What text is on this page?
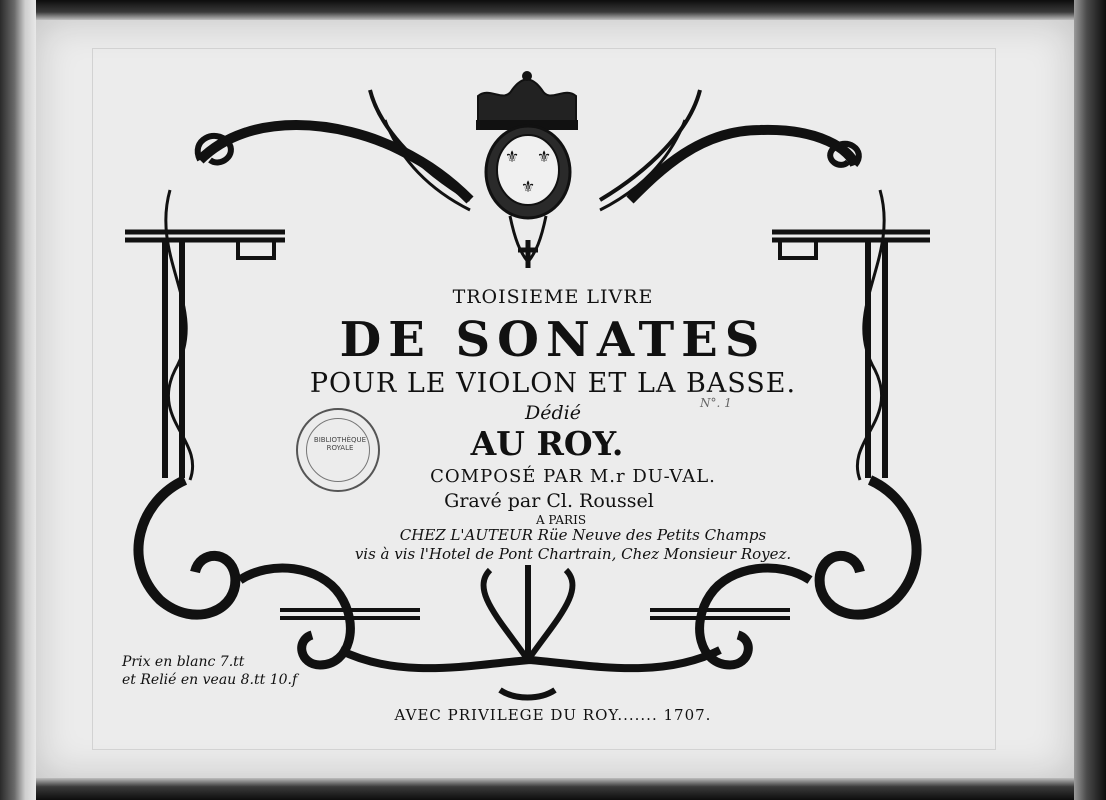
⚜ ⚜
⚜
TROISIEME LIVRE
DE SONATES
POUR LE VIOLON ET LA BASSE.
Dédié
AU ROY.
COMPOSÉ PAR M.r DU-VAL.
Gravé par Cl. Roussel
A PARIS
CHEZ L'AUTEUR Rüe Neuve des Petits Champs
vis à vis l'Hotel de Pont Chartrain, Chez Monsieur Royez.
Prix en blanc 7.tt
et Relié en veau 8.tt 10.f
AVEC PRIVILEGE DU ROY....... 1707.
BIBLIOTHÈQUE ROYALE
N°. 1
